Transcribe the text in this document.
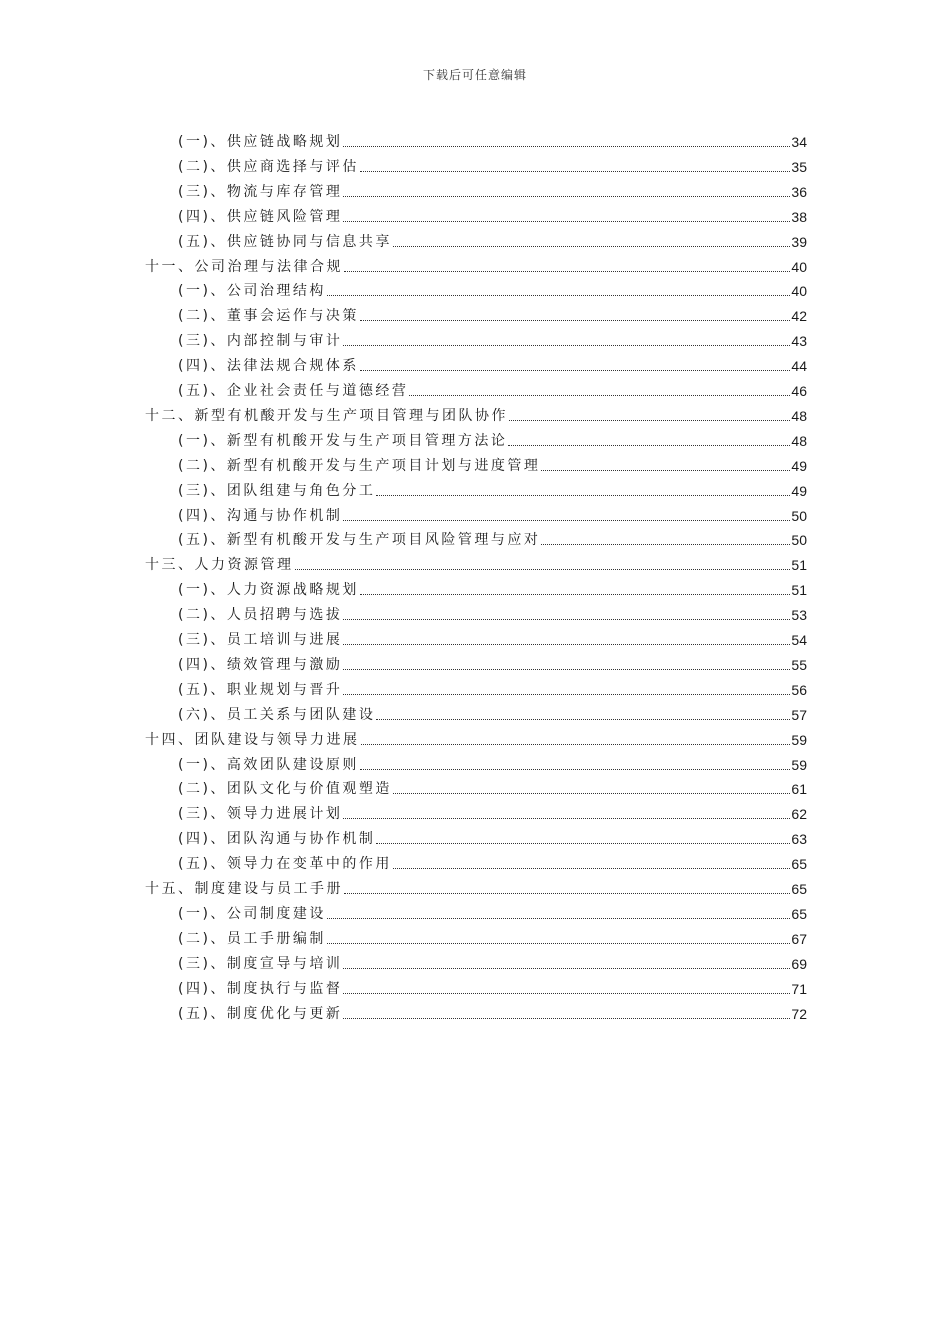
下载后可任意编辑
(一)、供应链战略规划	34
(二)、供应商选择与评估	35
(三)、物流与库存管理	36
(四)、供应链风险管理	38
(五)、供应链协同与信息共享	39
十一、公司治理与法律合规	40
(一)、公司治理结构	40
(二)、董事会运作与决策	42
(三)、内部控制与审计	43
(四)、法律法规合规体系	44
(五)、企业社会责任与道德经营	46
十二、新型有机酸开发与生产项目管理与团队协作	48
(一)、新型有机酸开发与生产项目管理方法论	48
(二)、新型有机酸开发与生产项目计划与进度管理	49
(三)、团队组建与角色分工	49
(四)、沟通与协作机制	50
(五)、新型有机酸开发与生产项目风险管理与应对	50
十三、人力资源管理	51
(一)、人力资源战略规划	51
(二)、人员招聘与选拔	53
(三)、员工培训与进展	54
(四)、绩效管理与激励	55
(五)、职业规划与晋升	56
(六)、员工关系与团队建设	57
十四、团队建设与领导力进展	59
(一)、高效团队建设原则	59
(二)、团队文化与价值观塑造	61
(三)、领导力进展计划	62
(四)、团队沟通与协作机制	63
(五)、领导力在变革中的作用	65
十五、制度建设与员工手册	65
(一)、公司制度建设	65
(二)、员工手册编制	67
(三)、制度宣导与培训	69
(四)、制度执行与监督	71
(五)、制度优化与更新	72
